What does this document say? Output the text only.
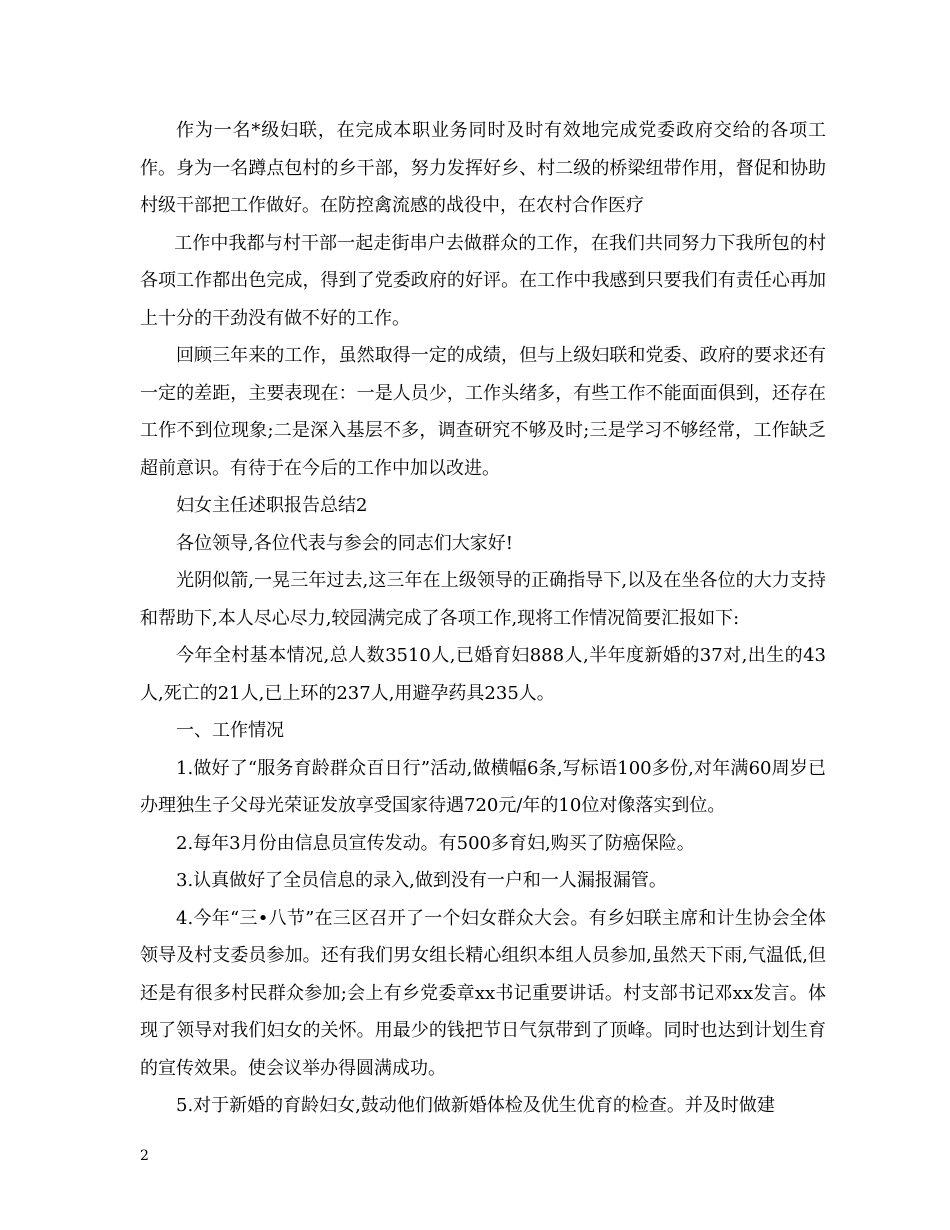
作为一名*级妇联，在完成本职业务同时及时有效地完成党委政府交给的各项工作。身为一名蹲点包村的乡干部，努力发挥好乡、村二级的桥梁纽带作用，督促和协助村级干部把工作做好。在防控禽流感的战役中，在农村合作医疗

工作中我都与村干部一起走街串户去做群众的工作，在我们共同努力下我所包的村各项工作都出色完成，得到了党委政府的好评。在工作中我感到只要我们有责任心再加上十分的干劲没有做不好的工作。

回顾三年来的工作，虽然取得一定的成绩，但与上级妇联和党委、政府的要求还有一定的差距，主要表现在：一是人员少，工作头绪多，有些工作不能面面俱到，还存在工作不到位现象;二是深入基层不多，调查研究不够及时;三是学习不够经常，工作缺乏超前意识。有待于在今后的工作中加以改进。

妇女主任述职报告总结2

各位领导,各位代表与参会的同志们大家好!

光阴似箭,一晃三年过去,这三年在上级领导的正确指导下,以及在坐各位的大力支持和帮助下,本人尽心尽力,较园满完成了各项工作,现将工作情况简要汇报如下:

今年全村基本情况,总人数3510人,已婚育妇888人,半年度新婚的37对,出生的43人,死亡的21人,已上环的237人,用避孕药具235人。

一、工作情况

1.做好了“服务育龄群众百日行”活动,做横幅6条,写标语100多份,对年满60周岁已办理独生子父母光荣证发放享受国家待遇720元/年的10位对像落实到位。

2.每年3月份由信息员宣传发动。有500多育妇,购买了防癌保险。

3.认真做好了全员信息的录入,做到没有一户和一人漏报漏管。

4.今年“三•八节”在三区召开了一个妇女群众大会。有乡妇联主席和计生协会全体领导及村支委员参加。还有我们男女组长精心组织本组人员参加,虽然天下雨,气温低,但还是有很多村民群众参加;会上有乡党委章xx书记重要讲话。村支部书记邓xx发言。体现了领导对我们妇女的关怀。用最少的钱把节日气氛带到了顶峰。同时也达到计划生育的宣传效果。使会议举办得圆满成功。

5.对于新婚的育龄妇女,鼓动他们做新婚体检及优生优育的检查。并及时做建

2
